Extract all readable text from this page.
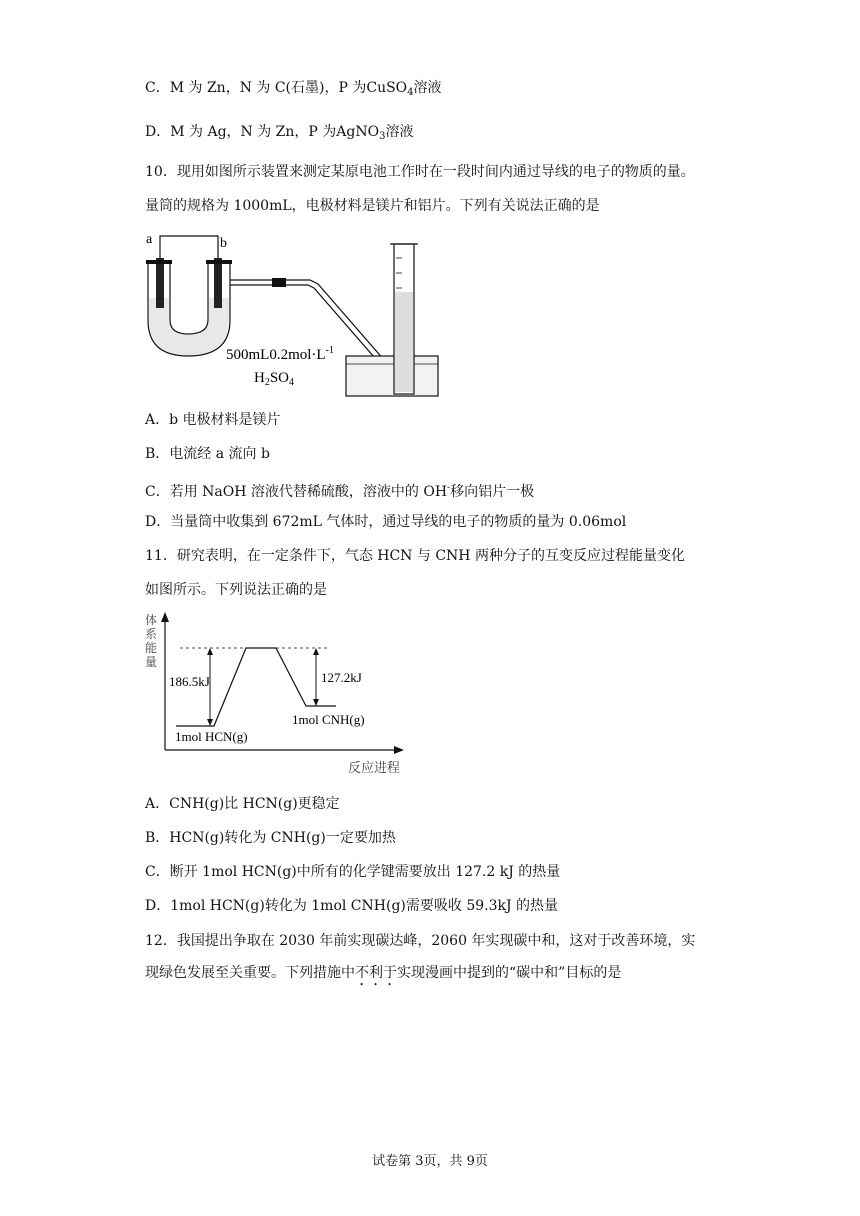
C．M 为 Zn，N 为 C(石墨)，P 为CuSO$_4$溶液
D．M 为 Ag，N 为 Zn，P 为AgNO$_3$溶液
10．现用如图所示装置来测定某原电池工作时在一段时间内通过导线的电子的物质的量。
量筒的规格为 1000mL，电极材料是镁片和铝片。下列有关说法正确的是
a	b
$500mL0.2mol\cdot L^{-1}$
$H_2SO_4$
A．b 电极材料是镁片
B．电流经 a 流向 b
C．若用 NaOH 溶液代替稀硫酸，溶液中的 OH-移向铝片一极
D．当量筒中收集到 672mL 气体时，通过导线的电子的物质的量为 0.06mol
11．研究表明，在一定条件下，气态 HCN 与 CNH 两种分子的互变反应过程能量变化
如图所示。下列说法正确的是
体系能量
反应进程
186.5kJ	127.2kJ
1mol HCN(g)
1mol CNH(g)
A．CNH(g)比 HCN(g)更稳定
B．HCN(g)转化为 CNH(g)一定要加热
C．断开 1mol HCN(g)中所有的化学键需要放出 127.2 kJ 的热量
D．1mol HCN(g)转化为 1mol CNH(g)需要吸收 59.3kJ 的热量
12．我国提出争取在 2030 年前实现碳达峰，2060 年实现碳中和，这对于改善环境，实
现绿色发展至关重要。下列措施中不利于实现漫画中提到的“碳中和”目标的是
试卷第 3页，共 9页
